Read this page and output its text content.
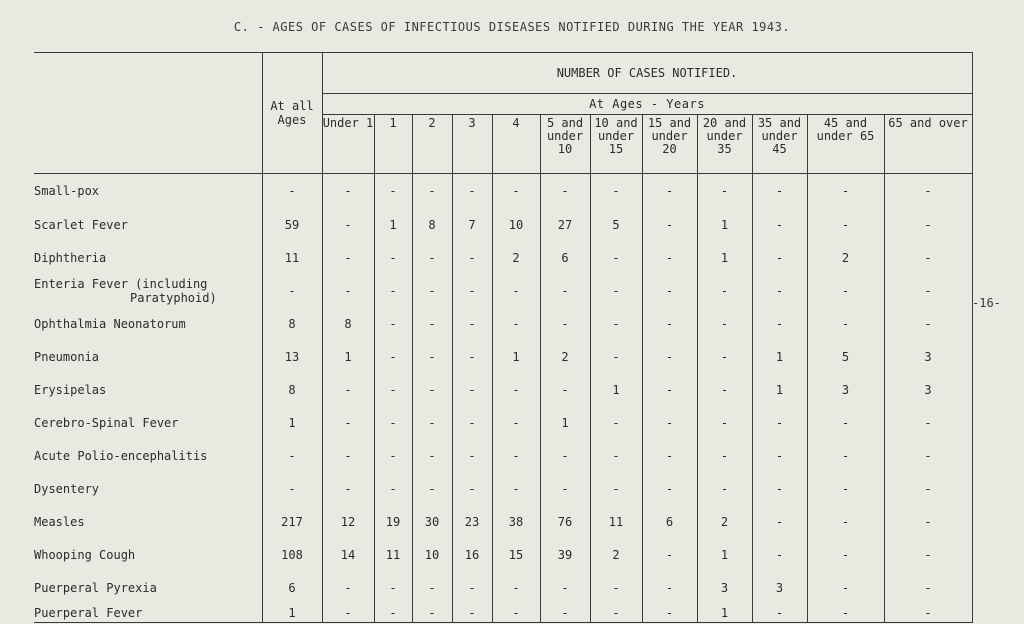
C. - AGES OF CASES OF INFECTIOUS DISEASES NOTIFIED DURING THE YEAR 1943.
-16-
	At all Ages	NUMBER OF CASES NOTIFIED.											
		At Ages - Years											
		Under 1	1	2	3	4	5 and under 10	10 and under 15	15 and under 20	20 and under 35	35 and under 45	45 and under 65	65 and over
Small-pox	-	-	-	-	-	-	-	-	-	-	-	-	-
Scarlet Fever	59	-	1	8	7	10	27	5	-	1	-	-	-
Diphtheria	11	-	-	-	-	2	6	-	-	1	-	2	-
Enteria Fever (including
Paratyphoid)	-	-	-	-	-	-	-	-	-	-	-	-	-
Ophthalmia Neonatorum	8	8	-	-	-	-	-	-	-	-	-	-	-
Pneumonia	13	1	-	-	-	1	2	-	-	-	1	5	3
Erysipelas	8	-	-	-	-	-	-	1	-	-	1	3	3
Cerebro-Spinal Fever	1	-	-	-	-	-	1	-	-	-	-	-	-
Acute Polio-encephalitis	-	-	-	-	-	-	-	-	-	-	-	-	-
Dysentery	-	-	-	-	-	-	-	-	-	-	-	-	-
Measles	217	12	19	30	23	38	76	11	6	2	-	-	-
Whooping Cough	108	14	11	10	16	15	39	2	-	1	-	-	-
Puerperal Pyrexia	6	-	-	-	-	-	-	-	-	3	3	-	-
Puerperal Fever	1	-	-	-	-	-	-	-	-	1	-	-	-
